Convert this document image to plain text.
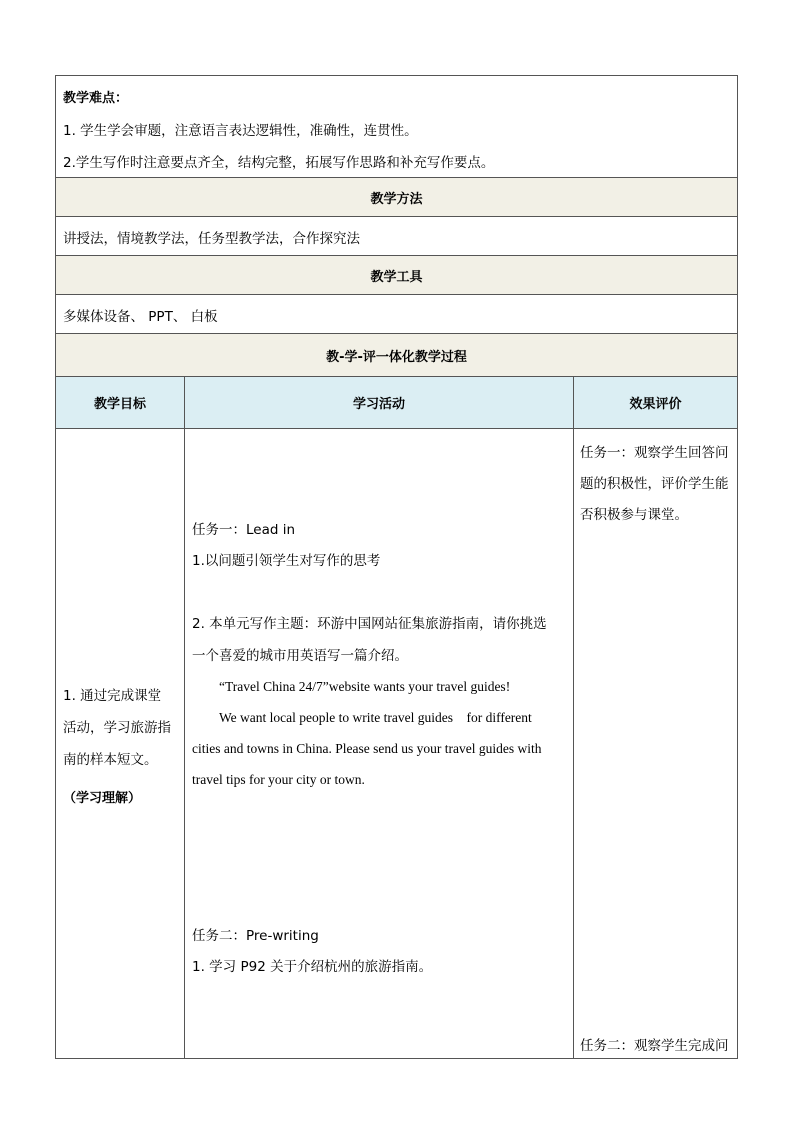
教学难点：
1. 学生学会审题，注意语言表达逻辑性，准确性，连贯性。
2.学生写作时注意要点齐全，结构完整，拓展写作思路和补充写作要点。
教学方法
讲授法，情境教学法，任务型教学法，合作探究法
教学工具
多媒体设备、 PPT、 白板
教-学-评一体化教学过程
教学目标	学习活动	效果评价
1. 通过完成课堂
活动，学习旅游指
南的样本短文。
（学习理解）
任务一：Lead in
1.以问题引领学生对写作的思考
2. 本单元写作主题：环游中国网站征集旅游指南，请你挑选
一个喜爱的城市用英语写一篇介绍。
“Travel China 24/7”website wants your travel guides!
We want local people to write travel guides    for different
cities and towns in China. Please send us your travel guides with
travel tips for your city or town.
任务二：Pre-writing
1. 学习 P92 关于介绍杭州的旅游指南。
任务一：观察学生回答问
题的积极性，评价学生能
否积极参与课堂。
任务二：观察学生完成问
